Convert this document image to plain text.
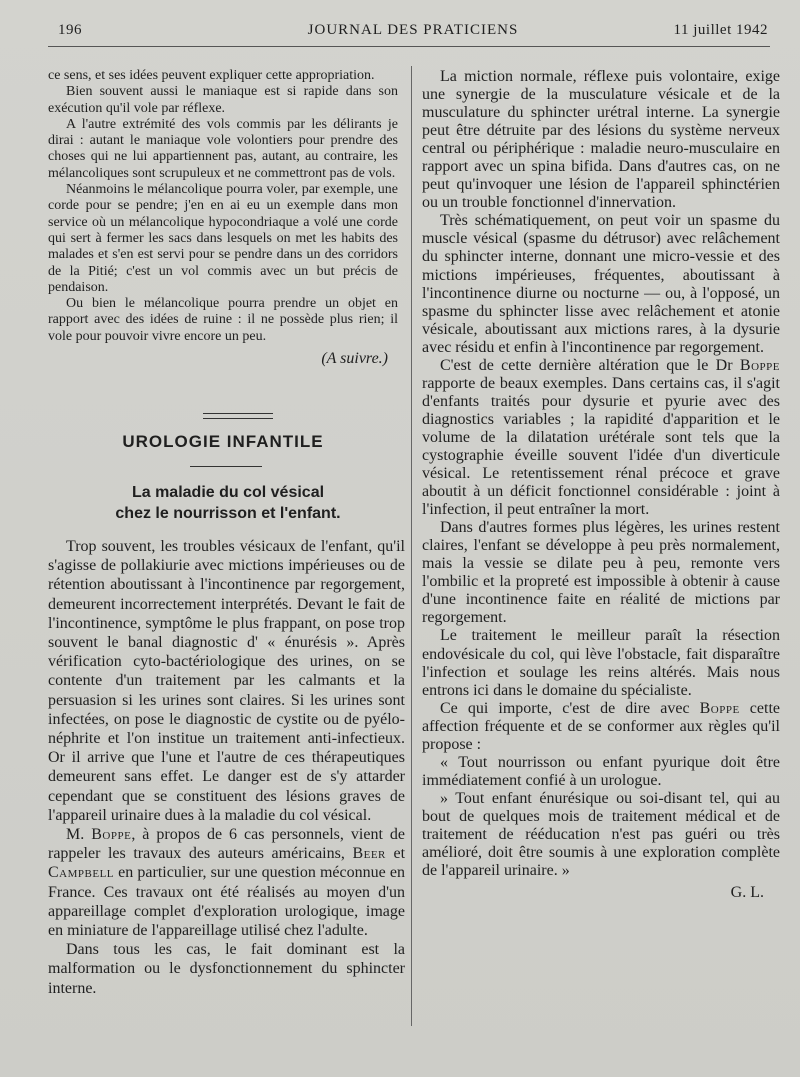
196	JOURNAL DES PRATICIENS	11 juillet 1942

ce sens, et ses idées peuvent expliquer cette appropriation.

Bien souvent aussi le maniaque est si rapide dans son exécution qu'il vole par réflexe.

A l'autre extrémité des vols commis par les délirants je dirai : autant le maniaque vole volontiers pour prendre des choses qui ne lui appartiennent pas, autant, au contraire, les mélancoliques sont scrupuleux et ne commettront pas de vols.

Néanmoins le mélancolique pourra voler, par exemple, une corde pour se pendre; j'en en ai eu un exemple dans mon service où un mélancolique hypocondriaque a volé une corde qui sert à fermer les sacs dans lesquels on met les habits des malades et s'en est servi pour se pendre dans un des corridors de la Pitié; c'est un vol commis avec un but précis de pendaison.

Ou bien le mélancolique pourra prendre un objet en rapport avec des idées de ruine : il ne possède plus rien; il vole pour pouvoir vivre encore un peu.

(A suivre.)

UROLOGIE INFANTILE
La maladie du col vésical
chez le nourrisson et l'enfant.

Trop souvent, les troubles vésicaux de l'enfant, qu'il s'agisse de pollakiurie avec mictions impérieuses ou de rétention aboutissant à l'incontinence par regorgement, demeurent incorrectement interprétés. Devant le fait de l'incontinence, symptôme le plus frappant, on pose trop souvent le banal diagnostic d' « énurésis ». Après vérification cyto-bactériologique des urines, on se contente d'un traitement par les calmants et la persuasion si les urines sont claires. Si les urines sont infectées, on pose le diagnostic de cystite ou de pyélo-néphrite et l'on institue un traitement anti-infectieux. Or il arrive que l'une et l'autre de ces thérapeutiques demeurent sans effet. Le danger est de s'y attarder cependant que se constituent des lésions graves de l'appareil urinaire dues à la maladie du col vésical.

M. Boppe, à propos de 6 cas personnels, vient de rappeler les travaux des auteurs américains, Beer et Campbell en particulier, sur une question méconnue en France. Ces travaux ont été réalisés au moyen d'un appareillage complet d'exploration urologique, image en miniature de l'appareillage utilisé chez l'adulte.

Dans tous les cas, le fait dominant est la malformation ou le dysfonctionnement du sphincter interne.

La miction normale, réflexe puis volontaire, exige une synergie de la musculature vésicale et de la musculature du sphincter urétral interne. La synergie peut être détruite par des lésions du système nerveux central ou périphérique : maladie neuro-musculaire en rapport avec un spina bifida. Dans d'autres cas, on ne peut qu'invoquer une lésion de l'appareil sphinctérien ou un trouble fonctionnel d'innervation.

Très schématiquement, on peut voir un spasme du muscle vésical (spasme du détrusor) avec relâchement du sphincter interne, donnant une micro-vessie et des mictions impérieuses, fréquentes, aboutissant à l'incontinence diurne ou nocturne — ou, à l'opposé, un spasme du sphincter lisse avec relâchement et atonie vésicale, aboutissant aux mictions rares, à la dysurie avec résidu et enfin à l'incontinence par regorgement.

C'est de cette dernière altération que le Dr Boppe rapporte de beaux exemples. Dans certains cas, il s'agit d'enfants traités pour dysurie et pyurie avec des diagnostics variables ; la rapidité d'apparition et le volume de la dilatation urétérale sont tels que la cystographie éveille souvent l'idée d'un diverticule vésical. Le retentissement rénal précoce et grave aboutit à un déficit fonctionnel considérable : joint à l'infection, il peut entraîner la mort.

Dans d'autres formes plus légères, les urines restent claires, l'enfant se développe à peu près normalement, mais la vessie se dilate peu à peu, remonte vers l'ombilic et la propreté est impossible à obtenir à cause d'une incontinence faite en réalité de mictions par regorgement.

Le traitement le meilleur paraît la résection endovésicale du col, qui lève l'obstacle, fait disparaître l'infection et soulage les reins altérés. Mais nous entrons ici dans le domaine du spécialiste.

Ce qui importe, c'est de dire avec Boppe cette affection fréquente et de se conformer aux règles qu'il propose :

« Tout nourrisson ou enfant pyurique doit être immédiatement confié à un urologue.

» Tout enfant énurésique ou soi-disant tel, qui au bout de quelques mois de traitement médical et de traitement de rééducation n'est pas guéri ou très amélioré, doit être soumis à une exploration complète de l'appareil urinaire. »

G. L.
